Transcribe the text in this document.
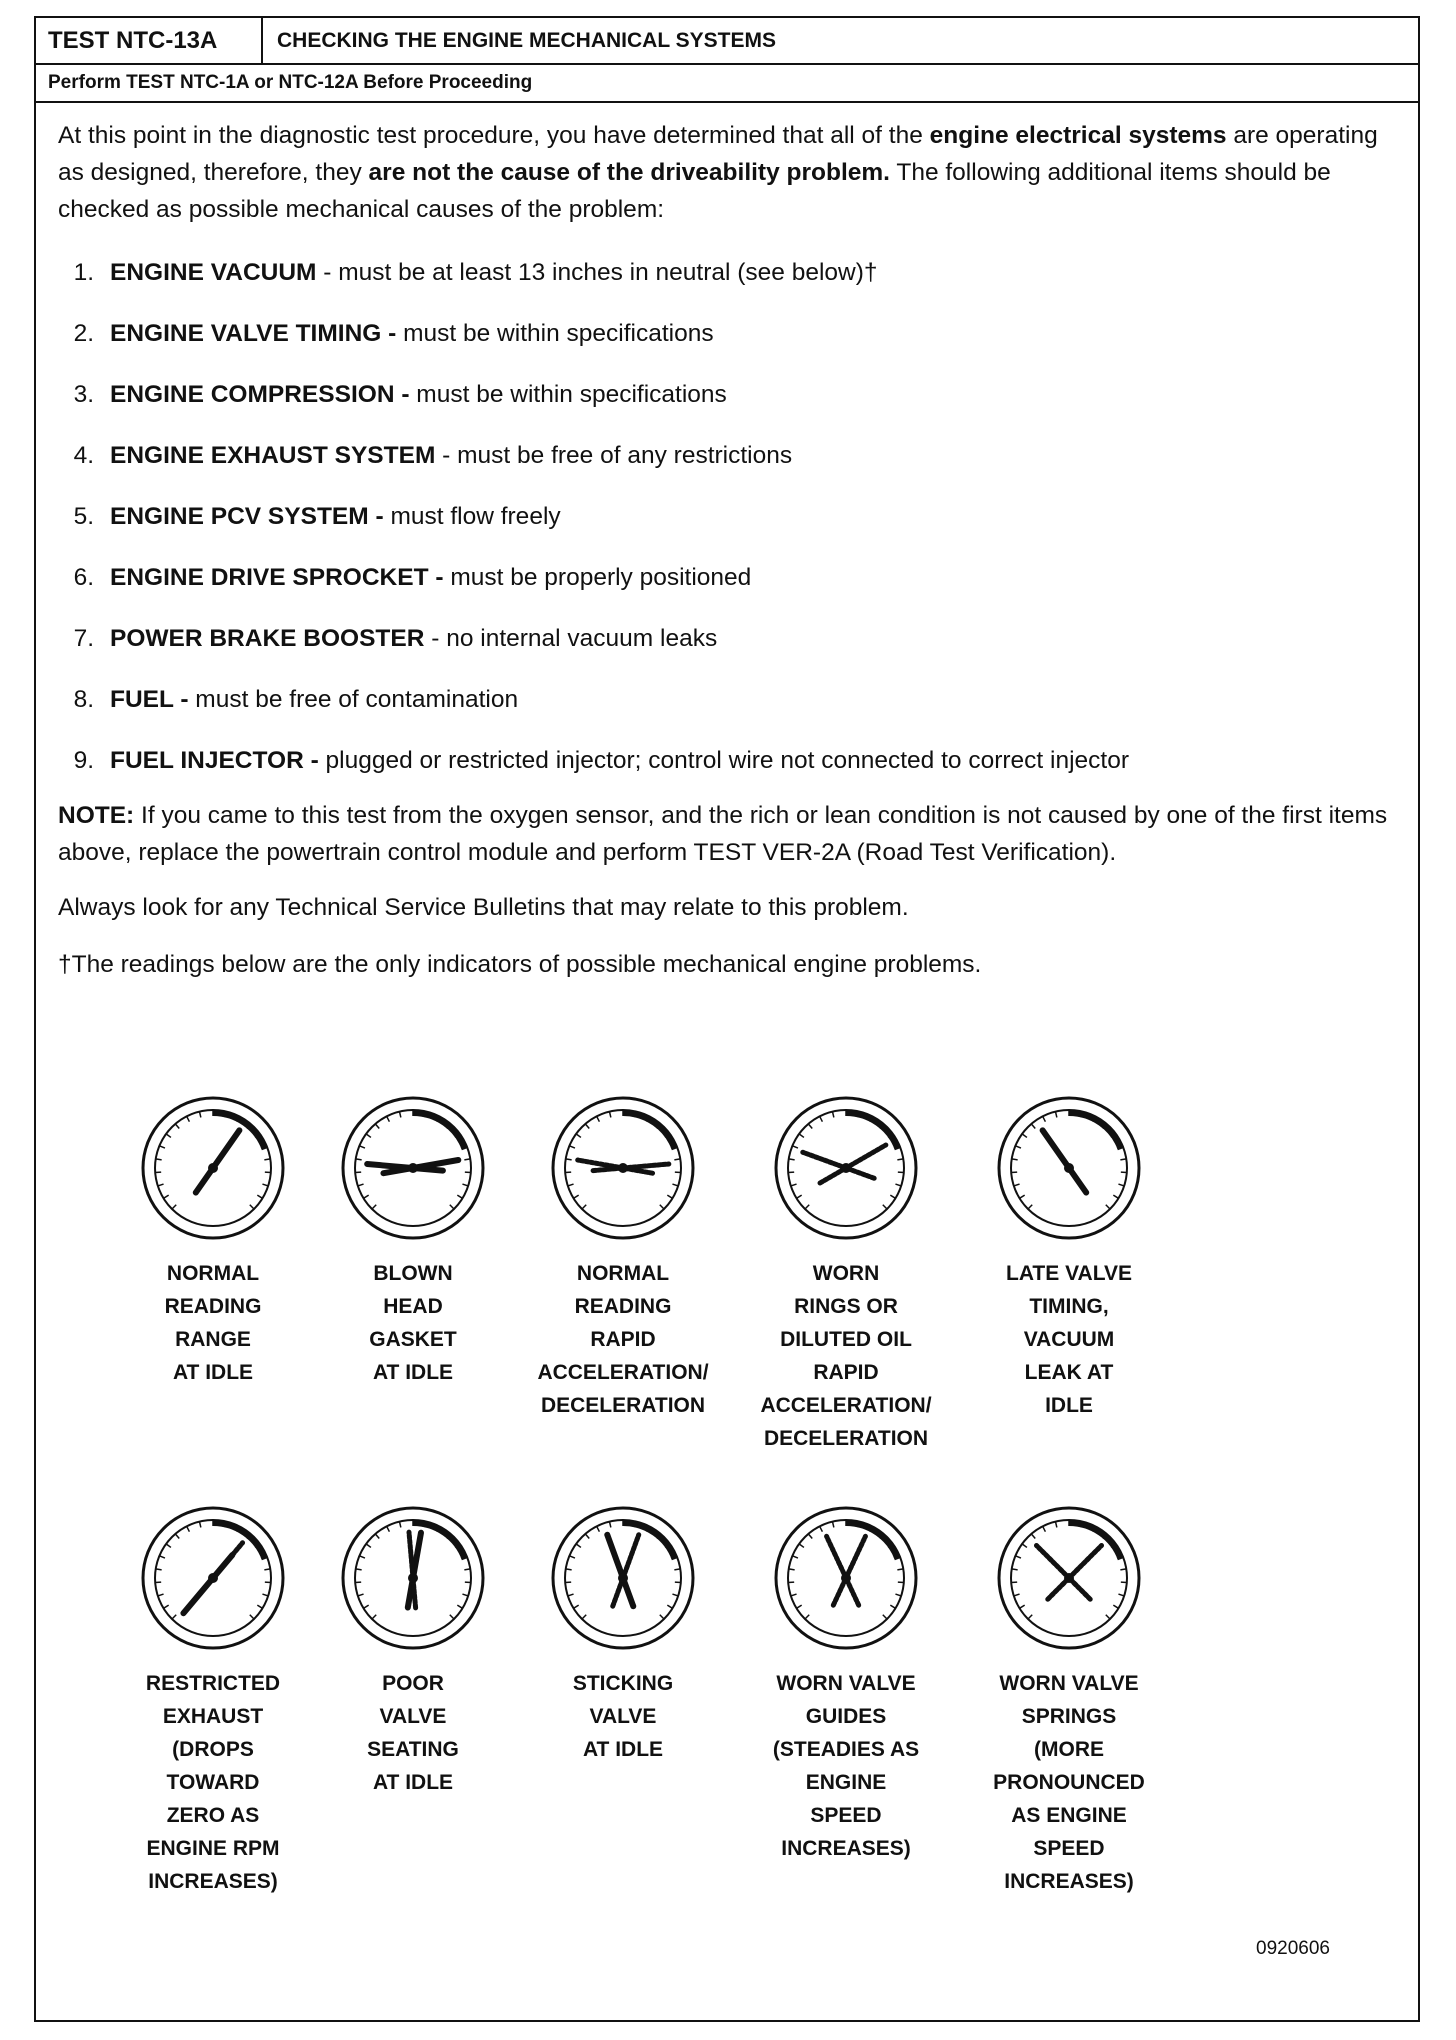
TEST NTC-13A	CHECKING THE ENGINE MECHANICAL SYSTEMS
Perform TEST NTC-1A or NTC-12A Before Proceeding

At this point in the diagnostic test procedure, you have determined that all of the engine electrical systems are operating as designed, therefore, they are not the cause of the driveability problem. The following additional items should be checked as possible mechanical causes of the problem:

1. ENGINE VACUUM - must be at least 13 inches in neutral (see below)†
2. ENGINE VALVE TIMING - must be within specifications
3. ENGINE COMPRESSION - must be within specifications
4. ENGINE EXHAUST SYSTEM - must be free of any restrictions
5. ENGINE PCV SYSTEM - must flow freely
6. ENGINE DRIVE SPROCKET - must be properly positioned
7. POWER BRAKE BOOSTER - no internal vacuum leaks
8. FUEL - must be free of contamination
9. FUEL INJECTOR - plugged or restricted injector; control wire not connected to correct injector

NOTE: If you came to this test from the oxygen sensor, and the rich or lean condition is not caused by one of the first items above, replace the powertrain control module and perform TEST VER-2A (Road Test Verification).

Always look for any Technical Service Bulletins that may relate to this problem.

†The readings below are the only indicators of possible mechanical engine problems.

NORMAL
READING
RANGE
AT IDLE
BLOWN
HEAD
GASKET
AT IDLE
NORMAL
READING
RAPID
ACCELERATION/
DECELERATION
WORN
RINGS OR
DILUTED OIL
RAPID
ACCELERATION/
DECELERATION
LATE VALVE
TIMING,
VACUUM
LEAK AT
IDLE
RESTRICTED
EXHAUST
(DROPS
TOWARD
ZERO AS
ENGINE RPM
INCREASES)
POOR
VALVE
SEATING
AT IDLE
STICKING
VALVE
AT IDLE
WORN VALVE
GUIDES
(STEADIES AS
ENGINE
SPEED
INCREASES)
WORN VALVE
SPRINGS
(MORE
PRONOUNCED
AS ENGINE
SPEED
INCREASES)
0920606
